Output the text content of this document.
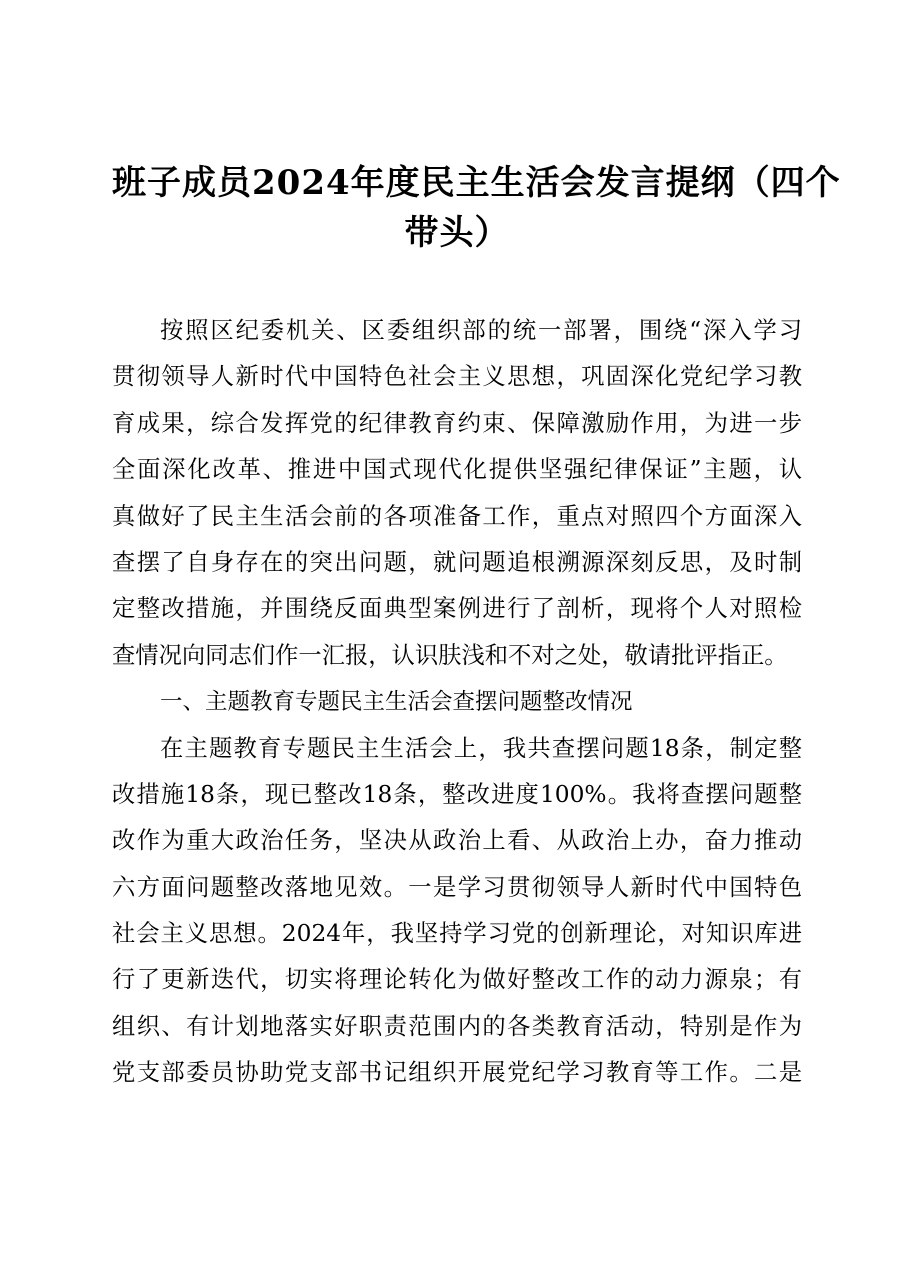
班子成员2024年度民主生活会发言提纲（四个
带头）
按照区纪委机关、区委组织部的统一部署，围绕“深入学习
贯彻领导人新时代中国特色社会主义思想，巩固深化党纪学习教
育成果，综合发挥党的纪律教育约束、保障激励作用，为进一步
全面深化改革、推进中国式现代化提供坚强纪律保证”主题，认
真做好了民主生活会前的各项准备工作，重点对照四个方面深入
查摆了自身存在的突出问题，就问题追根溯源深刻反思，及时制
定整改措施，并围绕反面典型案例进行了剖析，现将个人对照检
查情况向同志们作一汇报，认识肤浅和不对之处，敬请批评指正。
一、主题教育专题民主生活会查摆问题整改情况
在主题教育专题民主生活会上，我共查摆问题18条，制定整
改措施18条，现已整改18条，整改进度100%。我将查摆问题整
改作为重大政治任务，坚决从政治上看、从政治上办，奋力推动
六方面问题整改落地见效。一是学习贯彻领导人新时代中国特色
社会主义思想。2024年，我坚持学习党的创新理论，对知识库进
行了更新迭代，切实将理论转化为做好整改工作的动力源泉；有
组织、有计划地落实好职责范围内的各类教育活动，特别是作为
党支部委员协助党支部书记组织开展党纪学习教育等工作。二是
